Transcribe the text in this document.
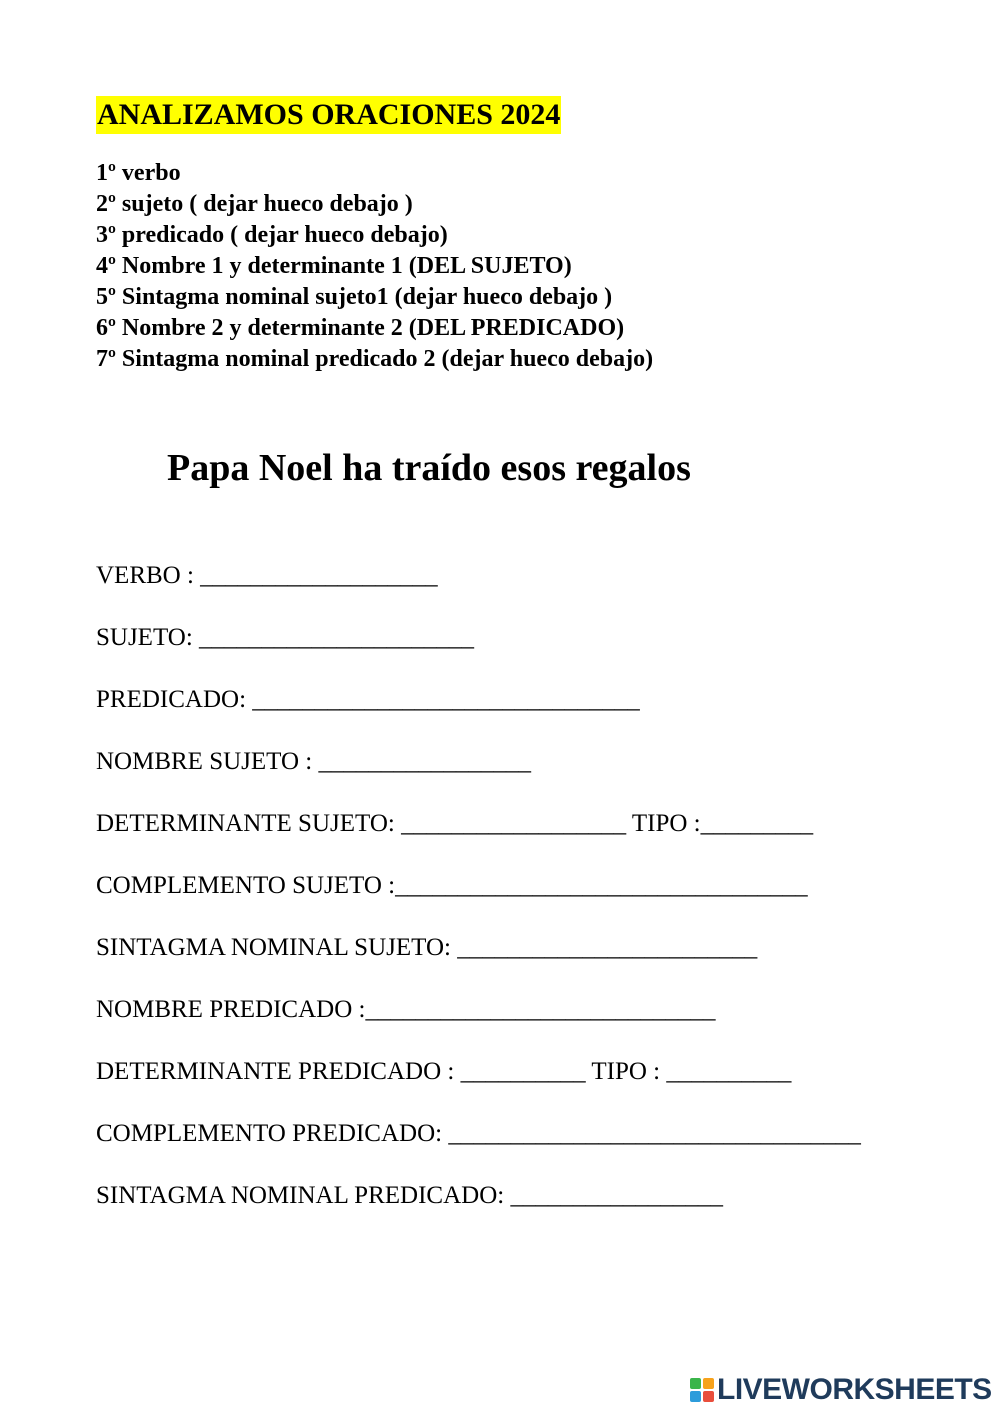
ANALIZAMOS ORACIONES 2024
1º verbo
2º sujeto ( dejar hueco debajo )
3º predicado ( dejar hueco debajo)
4º Nombre 1 y determinante 1 (DEL SUJETO)
5º Sintagma nominal sujeto1 (dejar hueco debajo )
6º Nombre 2 y determinante 2 (DEL PREDICADO)
7º Sintagma nominal predicado 2 (dejar hueco debajo)
Papa Noel ha traído esos regalos
VERBO : ___________________
SUJETO: ______________________
PREDICADO: _______________________________
NOMBRE SUJETO : _________________
DETERMINANTE SUJETO: __________________ TIPO :_________
COMPLEMENTO SUJETO :_________________________________
SINTAGMA NOMINAL SUJETO: ________________________
NOMBRE PREDICADO :____________________________
DETERMINANTE PREDICADO : __________ TIPO : __________
COMPLEMENTO PREDICADO: _________________________________
SINTAGMA NOMINAL PREDICADO: _________________
LIVEWORKSHEETS
